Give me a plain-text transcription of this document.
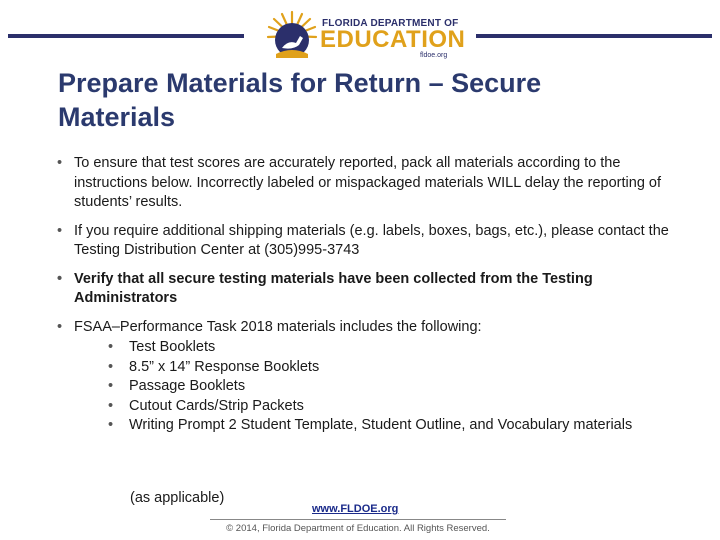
FLORIDA DEPARTMENT OF
EDUCATION
fldoe.org
Prepare Materials for Return – Secure Materials
• To ensure that test scores are accurately reported, pack all materials according to the instructions below. Incorrectly labeled or mispackaged materials WILL delay the reporting of students’ results.
• If you require additional shipping materials (e.g. labels, boxes, bags, etc.), please contact the Testing Distribution Center at (305)995-3743
• Verify that all secure testing materials have been collected from the Testing Administrators
• FSAA–Performance Task 2018 materials includes the following:
• Test Booklets
• 8.5” x 14” Response Booklets
• Passage Booklets
• Cutout Cards/Strip Packets
• Writing Prompt 2 Student Template, Student Outline, and Vocabulary materials
(as applicable)
www.FLDOE.org
© 2014, Florida Department of Education. All Rights Reserved.
